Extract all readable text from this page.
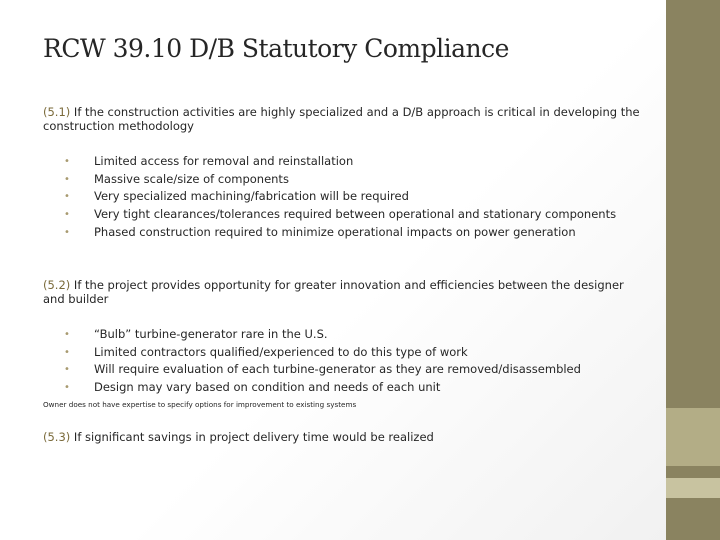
RCW 39.10 D/B Statutory Compliance

(5.1) If the construction activities are highly specialized and a D/B approach is critical in developing the construction methodology

• Limited access for removal and reinstallation
• Massive scale/size of components
• Very specialized machining/fabrication will be required
• Very tight clearances/tolerances required between operational and stationary components
• Phased construction required to minimize operational impacts on power generation

(5.2) If the project provides opportunity for greater innovation and efficiencies between the designer and builder

• “Bulb” turbine-generator rare in the U.S.
• Limited contractors qualified/experienced to do this type of work
• Will require evaluation of each turbine-generator as they are removed/disassembled
• Design may vary based on condition and needs of each unit

Owner does not have expertise to specify options for improvement to existing systems

(5.3) If significant savings in project delivery time would be realized
